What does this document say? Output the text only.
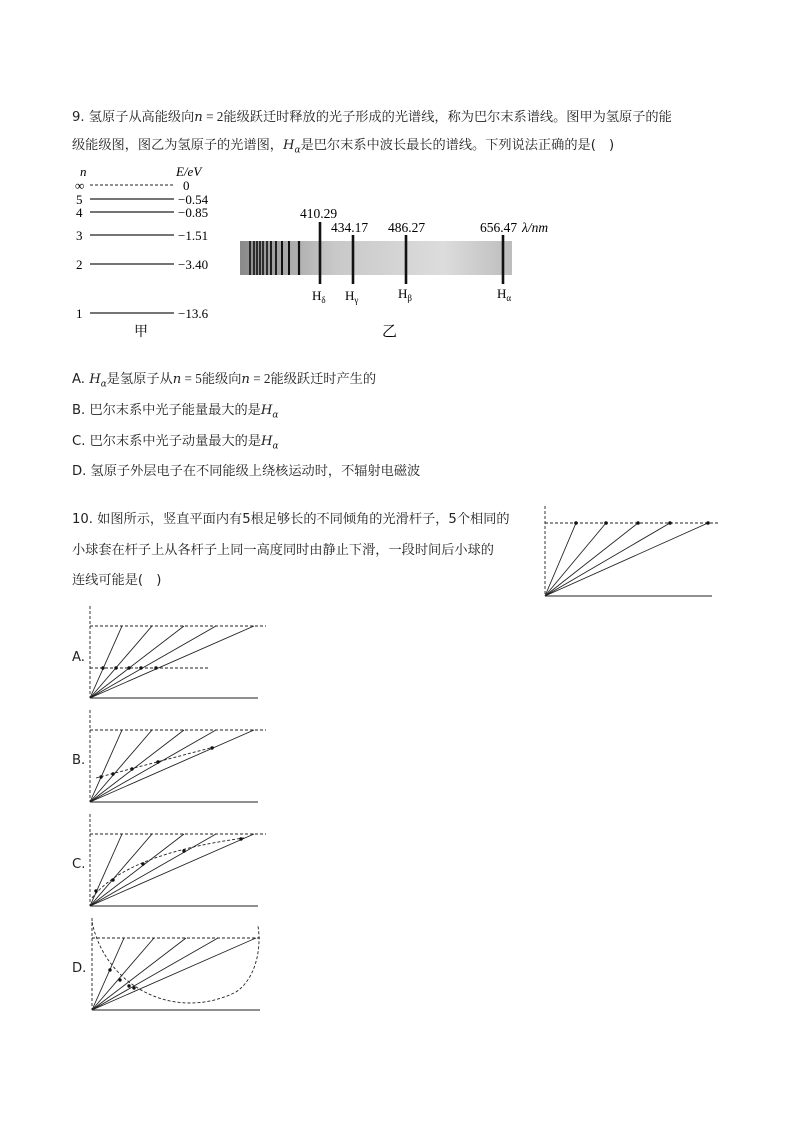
9. 氢原子从高能级向n = 2能级跃迁时释放的光子形成的光谱线，称为巴尔末系谱线。图甲为氢原子的能
级能级图，图乙为氢原子的光谱图，$H_\alpha$是巴尔末系中波长最长的谱线。下列说法正确的是(　)
n	E/eV
∞	0
5	−0.54
4	−0.85
3	−1.51
2	−3.40
1	−13.6
甲
410.29
434.17 486.27	656.47 λ/nm
$H_\delta$ $H_\gamma$	$H_\beta$	$H_\alpha$
乙
A. $H_\alpha$是氢原子从n = 5能级向n = 2能级跃迁时产生的
B. 巴尔末系中光子能量最大的是$H_\alpha$
C. 巴尔末系中光子动量最大的是$H_\alpha$
D. 氢原子外层电子在不同能级上绕核运动时，不辐射电磁波
10. 如图所示，竖直平面内有5根足够长的不同倾角的光滑杆子，5个相同的
小球套在杆子上从各杆子上同一高度同时由静止下滑，一段时间后小球的
连线可能是(　)
A.
B.
C.
D.
